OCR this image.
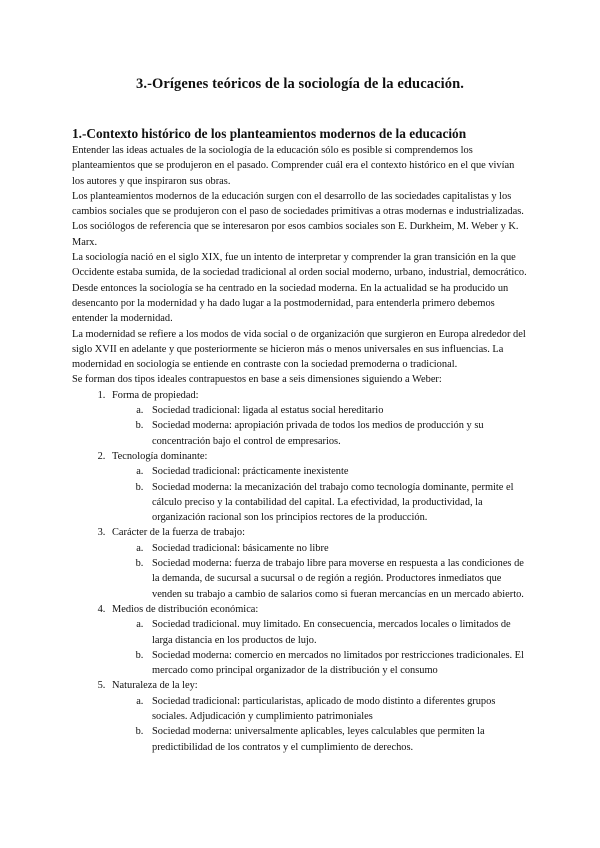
3.-Orígenes teóricos de la sociología de la educación.
1.-Contexto histórico de los planteamientos modernos de la educación

Entender las ideas actuales de la sociología de la educación sólo es posible si comprendemos los planteamientos que se produjeron en el pasado. Comprender cuál era el contexto histórico en el que vivían los autores y que inspiraron sus obras.

Los planteamientos modernos de la educación surgen con el desarrollo de las sociedades capitalistas y los cambios sociales que se produjeron con el paso de sociedades primitivas a otras modernas e industrializadas.

Los sociólogos de referencia que se interesaron por esos cambios sociales son E. Durkheim, M. Weber y K. Marx.

La sociología nació en el siglo XIX, fue un intento de interpretar y comprender la gran transición en la que Occidente estaba sumida, de la sociedad tradicional al orden social moderno, urbano, industrial, democrático. Desde entonces la sociología se ha centrado en la sociedad moderna. En la actualidad se ha producido un desencanto por la modernidad y ha dado lugar a la postmodernidad, para entenderla primero debemos entender la modernidad.

La modernidad se refiere a los modos de vida social o de organización que surgieron en Europa alrededor del siglo XVII en adelante y que posteriormente se hicieron más o menos universales en sus influencias. La modernidad en sociología se entiende en contraste con la sociedad premoderna o tradicional.

Se forman dos tipos ideales contrapuestos en base a seis dimensiones siguiendo a Weber:

1. Forma de propiedad:
a. Sociedad tradicional: ligada al estatus social hereditario
b. Sociedad moderna: apropiación privada de todos los medios de producción y su concentración bajo el control de empresarios.
2. Tecnología dominante:
a. Sociedad tradicional: prácticamente inexistente
b. Sociedad moderna: la mecanización del trabajo como tecnología dominante, permite el cálculo preciso y la contabilidad del capital. La efectividad, la productividad, la organización racional son los principios rectores de la producción.
3. Carácter de la fuerza de trabajo:
a. Sociedad tradicional: básicamente no libre
b. Sociedad moderna: fuerza de trabajo libre para moverse en respuesta a las condiciones de la demanda, de sucursal a sucursal o de región a región. Productores inmediatos que venden su trabajo a cambio de salarios como si fueran mercancías en un mercado abierto.
4. Medios de distribución económica:
a. Sociedad tradicional. muy limitado. En consecuencia, mercados locales o limitados de larga distancia en los productos de lujo.
b. Sociedad moderna: comercio en mercados no limitados por restricciones tradicionales. El mercado como principal organizador de la distribución y el consumo
5. Naturaleza de la ley:
a. Sociedad tradicional: particularistas, aplicado de modo distinto a diferentes grupos sociales. Adjudicación y cumplimiento patrimoniales
b. Sociedad moderna: universalmente aplicables, leyes calculables que permiten la predictibilidad de los contratos y el cumplimiento de derechos.
